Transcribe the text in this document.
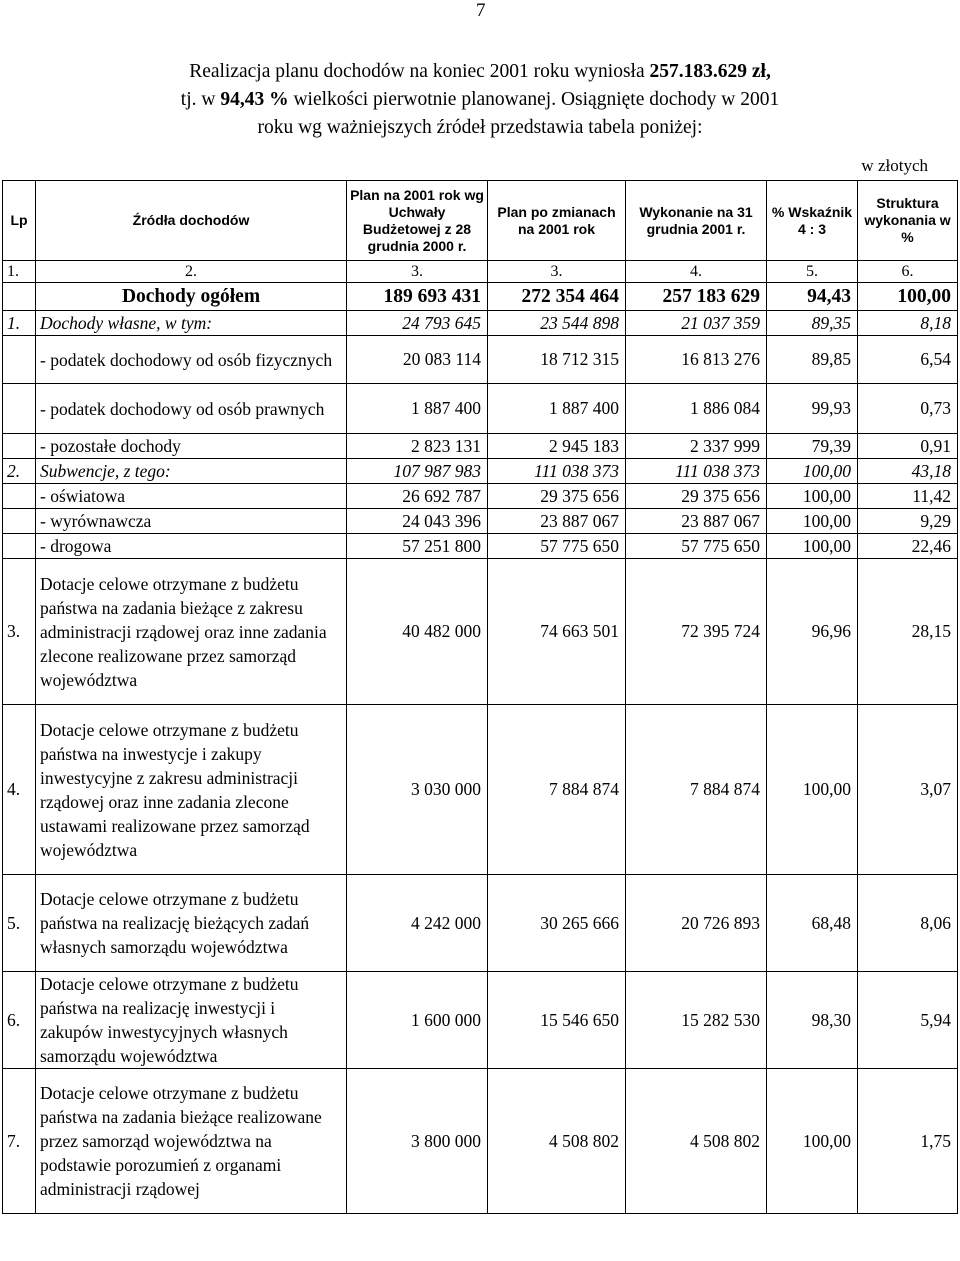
7

Realizacja planu dochodów na koniec 2001 roku wyniosła 257.183.629 zł,

tj. w 94,43 % wielkości pierwotnie planowanej. Osiągnięte dochody w 2001

roku wg ważniejszych źródeł przedstawia tabela poniżej:

w złotych
Lp	Źródła dochodów	Plan na 2001 rok wg Uchwały Budżetowej z 28 grudnia 2000 r.	Plan po zmianach na 2001 rok	Wykonanie na 31 grudnia 2001 r.	% Wskaźnik 4 : 3	Struktura wykonania w %
1.	2.	3.	3.	4.	5.	6.
	Dochody ogółem	189 693 431	272 354 464	257 183 629	94,43	100,00
1.	Dochody własne, w tym:	24 793 645	23 544 898	21 037 359	89,35	8,18
	- podatek dochodowy od osób fizycznych	20 083 114	18 712 315	16 813 276	89,85	6,54
	- podatek dochodowy od osób prawnych	1 887 400	1 887 400	1 886 084	99,93	0,73
	- pozostałe dochody	2 823 131	2 945 183	2 337 999	79,39	0,91
2.	Subwencje, z tego:	107 987 983	111 038 373	111 038 373	100,00	43,18
	- oświatowa	26 692 787	29 375 656	29 375 656	100,00	11,42
	- wyrównawcza	24 043 396	23 887 067	23 887 067	100,00	9,29
	- drogowa	57 251 800	57 775 650	57 775 650	100,00	22,46
3.	Dotacje celowe otrzymane z budżetu państwa na zadania bieżące z zakresu administracji rządowej oraz inne zadania zlecone realizowane przez samorząd województwa	40 482 000	74 663 501	72 395 724	96,96	28,15
4.	Dotacje celowe otrzymane z budżetu państwa na inwestycje i zakupy inwestycyjne z zakresu administracji rządowej oraz inne zadania zlecone ustawami realizowane przez samorząd województwa	3 030 000	7 884 874	7 884 874	100,00	3,07
5.	Dotacje celowe otrzymane z budżetu państwa na realizację bieżących zadań własnych samorządu województwa	4 242 000	30 265 666	20 726 893	68,48	8,06
6.	Dotacje celowe otrzymane z budżetu państwa na realizację inwestycji i zakupów inwestycyjnych własnych samorządu województwa	1 600 000	15 546 650	15 282 530	98,30	5,94
7.	Dotacje celowe otrzymane z budżetu państwa na zadania bieżące realizowane przez samorząd województwa na podstawie porozumień z organami administracji rządowej	3 800 000	4 508 802	4 508 802	100,00	1,75
